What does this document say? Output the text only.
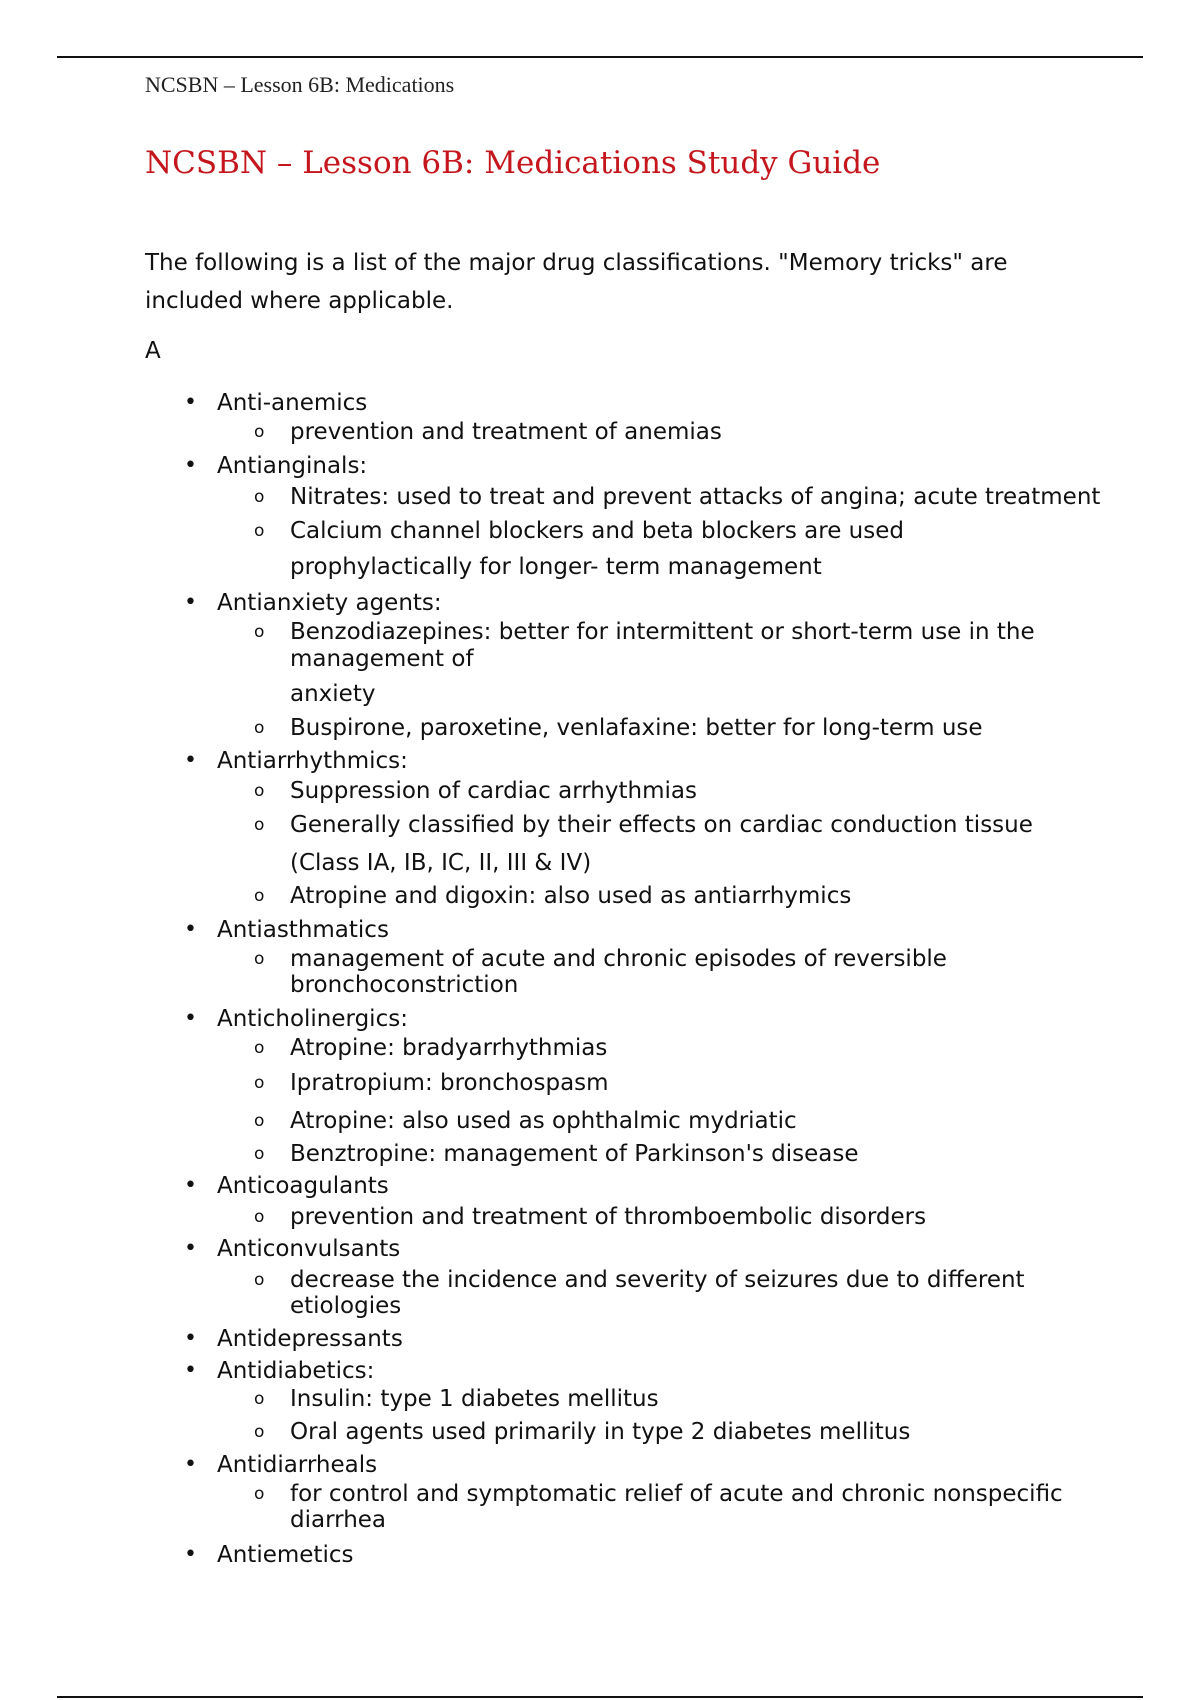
NCSBN – Lesson 6B: Medications
NCSBN – Lesson 6B: Medications Study Guide

The following is a list of the major drug classifications. "Memory tricks" are included where applicable.

A
• Anti-anemics
o prevention and treatment of anemias
• Antianginals:
o Nitrates: used to treat and prevent attacks of angina; acute treatment
o Calcium channel blockers and beta blockers are used
prophylactically for longer- term management
• Antianxiety agents:
o Benzodiazepines: better for intermittent or short-term use in the
management of
anxiety
o Buspirone, paroxetine, venlafaxine: better for long-term use
• Antiarrhythmics:
o Suppression of cardiac arrhythmias
o Generally classified by their effects on cardiac conduction tissue
(Class IA, IB, IC, II, III & IV)
o Atropine and digoxin: also used as antiarrhymics
• Antiasthmatics
o management of acute and chronic episodes of reversible
bronchoconstriction
• Anticholinergics:
o Atropine: bradyarrhythmias
o Ipratropium: bronchospasm
o Atropine: also used as ophthalmic mydriatic
o Benztropine: management of Parkinson's disease
• Anticoagulants
o prevention and treatment of thromboembolic disorders
• Anticonvulsants
o decrease the incidence and severity of seizures due to different
etiologies
• Antidepressants
• Antidiabetics:
o Insulin: type 1 diabetes mellitus
o Oral agents used primarily in type 2 diabetes mellitus
• Antidiarrheals
o for control and symptomatic relief of acute and chronic nonspecific
diarrhea
• Antiemetics
